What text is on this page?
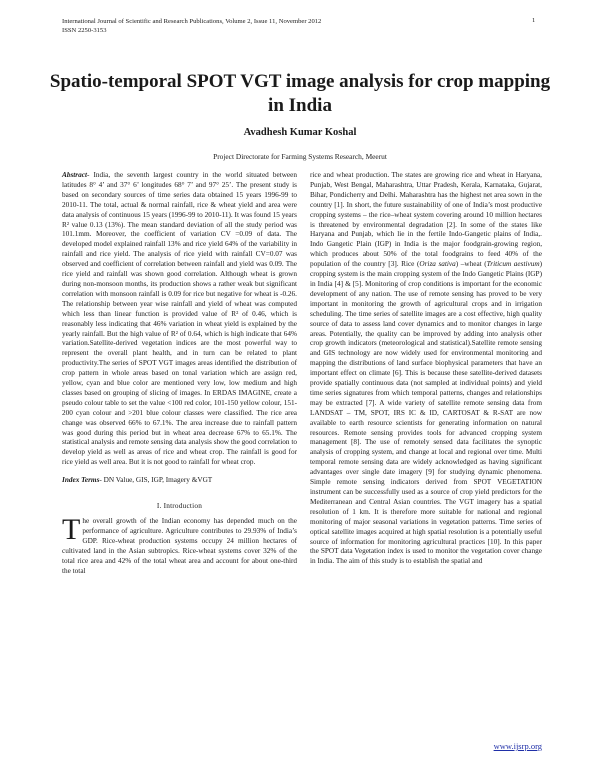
International Journal of Scientific and Research Publications, Volume 2, Issue 11, November 2012
ISSN 2250-3153
1
Spatio-temporal SPOT VGT image analysis for crop mapping in India
Avadhesh Kumar Koshal
Project Directorate for Farming Systems Research, Meerut

Abstract- India, the seventh largest country in the world situated between latitudes 8° 4’ and 37° 6’ longitudes 68° 7’ and 97° 25’. The present study is based on secondary sources of time series data obtained 15 years 1996-99 to 2010-11. The total, actual & normal rainfall, rice & wheat yield and area were data analysis of continuous 15 years (1996-99 to 2010-11). It was found 15 years R² value 0.13 (13%). The mean standard deviation of all the study period was 101.1mm. Moreover, the coefficient of variation CV =0.09 of data. The developed model explained rainfall 13% and rice yield 64% of the variability in rainfall and rice yield. The analysis of rice yield with rainfall CV=0.07 was observed and coefficient of correlation between rainfall and yield was 0.09. The rice yield and rainfall was shown good correlation. Although wheat is grown during non-monsoon months, its production shows a rather weak but significant correlation with monsoon rainfall is 0.09 for rice but negative for wheat is -0.26. The relationship between year wise rainfall and yield of wheat was computed which less than linear function is provided value of R² of 0.46, which is reasonably less indicating that 46% variation in wheat yield is explained by the yearly rainfall. But the high value of R² of 0.64, which is high indicate that 64% variation.Satellite-derived vegetation indices are the most powerful way to represent the overall plant health, and in turn can be related to plant productivity.The series of SPOT VGT images areas identified the distribution of crop pattern in whole areas based on tonal variation which are assign red, yellow, cyan and blue color are mentioned very low, low medium and high classes based on grouping of slicing of images. In ERDAS IMAGINE, create a pseudo colour table to set the value <100 red color, 101-150 yellow colour, 151-200 cyan colour and >201 blue colour classes were classified. The rice area change was observed 66% to 67.1%. The area increase due to rainfall pattern was good during this period but in wheat area decrease 67% to 65.1%. The statistical analysis and remote sensing data analysis show the good correlation to develop yield as well as areas of rice and wheat crop. The rainfall is good for rice yield as well area. But it is not good to rainfall for wheat crop.

Index Terms- DN Value, GIS, IGP, Imagery &VGT

I. Introduction

The overall growth of the Indian economy has depended much on the performance of agriculture. Agriculture contributes to 29.93% of India’s GDP. Rice-wheat production systems occupy 24 million hectares of cultivated land in the Asian subtropics. Rice-wheat systems cover 32% of the total rice area and 42% of the total wheat area and account for about one-third the total

rice and wheat production. The states are growing rice and wheat in Haryana, Punjab, West Bengal, Maharashtra, Uttar Pradesh, Kerala, Karnataka, Gujarat, Bihar, Pondicherry and Delhi. Maharashtra has the highest net area sown in the country [1]. In short, the future sustainability of one of India’s most productive cropping systems – the rice–wheat system covering around 10 million hectares is threatened by environmental degradation [2]. In some of the states like Haryana and Punjab, which lie in the fertile Indo-Gangetic plains of India,. Indo Gangetic Plain (IGP) in India is the major foodgrain-growing region, which produces about 50% of the total foodgrains to feed 40% of the population of the country [3]. Rice (Oriza sativa) –wheat (Triticum aestivum) cropping system is the main cropping system of the Indo Gangetic Plains (IGP) in India [4] & [5]. Monitoring of crop conditions is important for the economic development of any nation. The use of remote sensing has proved to be very important in monitoring the growth of agricultural crops and in irrigation scheduling. The time series of satellite images are a cost effective, high quality source of data to assess land cover dynamics and to monitor changes in large areas. Potentially, the quality can be improved by adding into analysis other crop growth indicators (meteorological and statistical).Satellite remote sensing and GIS technology are now widely used for environmental monitoring and mapping the distributions of land surface biophysical parameters that have an important effect on climate [6]. This is because these satellite-derived datasets provide spatially continuous data (not sampled at individual points) and yield time series signatures from which temporal patterns, changes and relationships may be extracted [7]. A wide variety of satellite remote sensing data from LANDSAT – TM, SPOT, IRS IC & ID, CARTOSAT & R-SAT are now available to earth resource scientists for generating information on natural resources. Remote sensing provides tools for advanced cropping system management [8]. The use of remotely sensed data facilitates the synoptic analysis of cropping system, and change at local and regional over time. Multi temporal remote sensing data are widely acknowledged as having significant advantages over single date imagery [9] for studying dynamic phenomena. Simple remote sensing indicators derived from SPOT VEGETATION instrument can be successfully used as a source of crop yield predictors for the Mediterranean and Central Asian countries. The VGT imagery has a spatial resolution of 1 km. It is therefore more suitable for national and regional monitoring of major seasonal variations in vegetation patterns. Time series of optical satellite images acquired at high spatial resolution is a potentially useful source of information for monitoring agricultural practices [10]. In this paper the SPOT data Vegetation index is used to monitor the vegetation cover change in India. The aim of this study is to establish the spatial and

www.ijsrp.org
